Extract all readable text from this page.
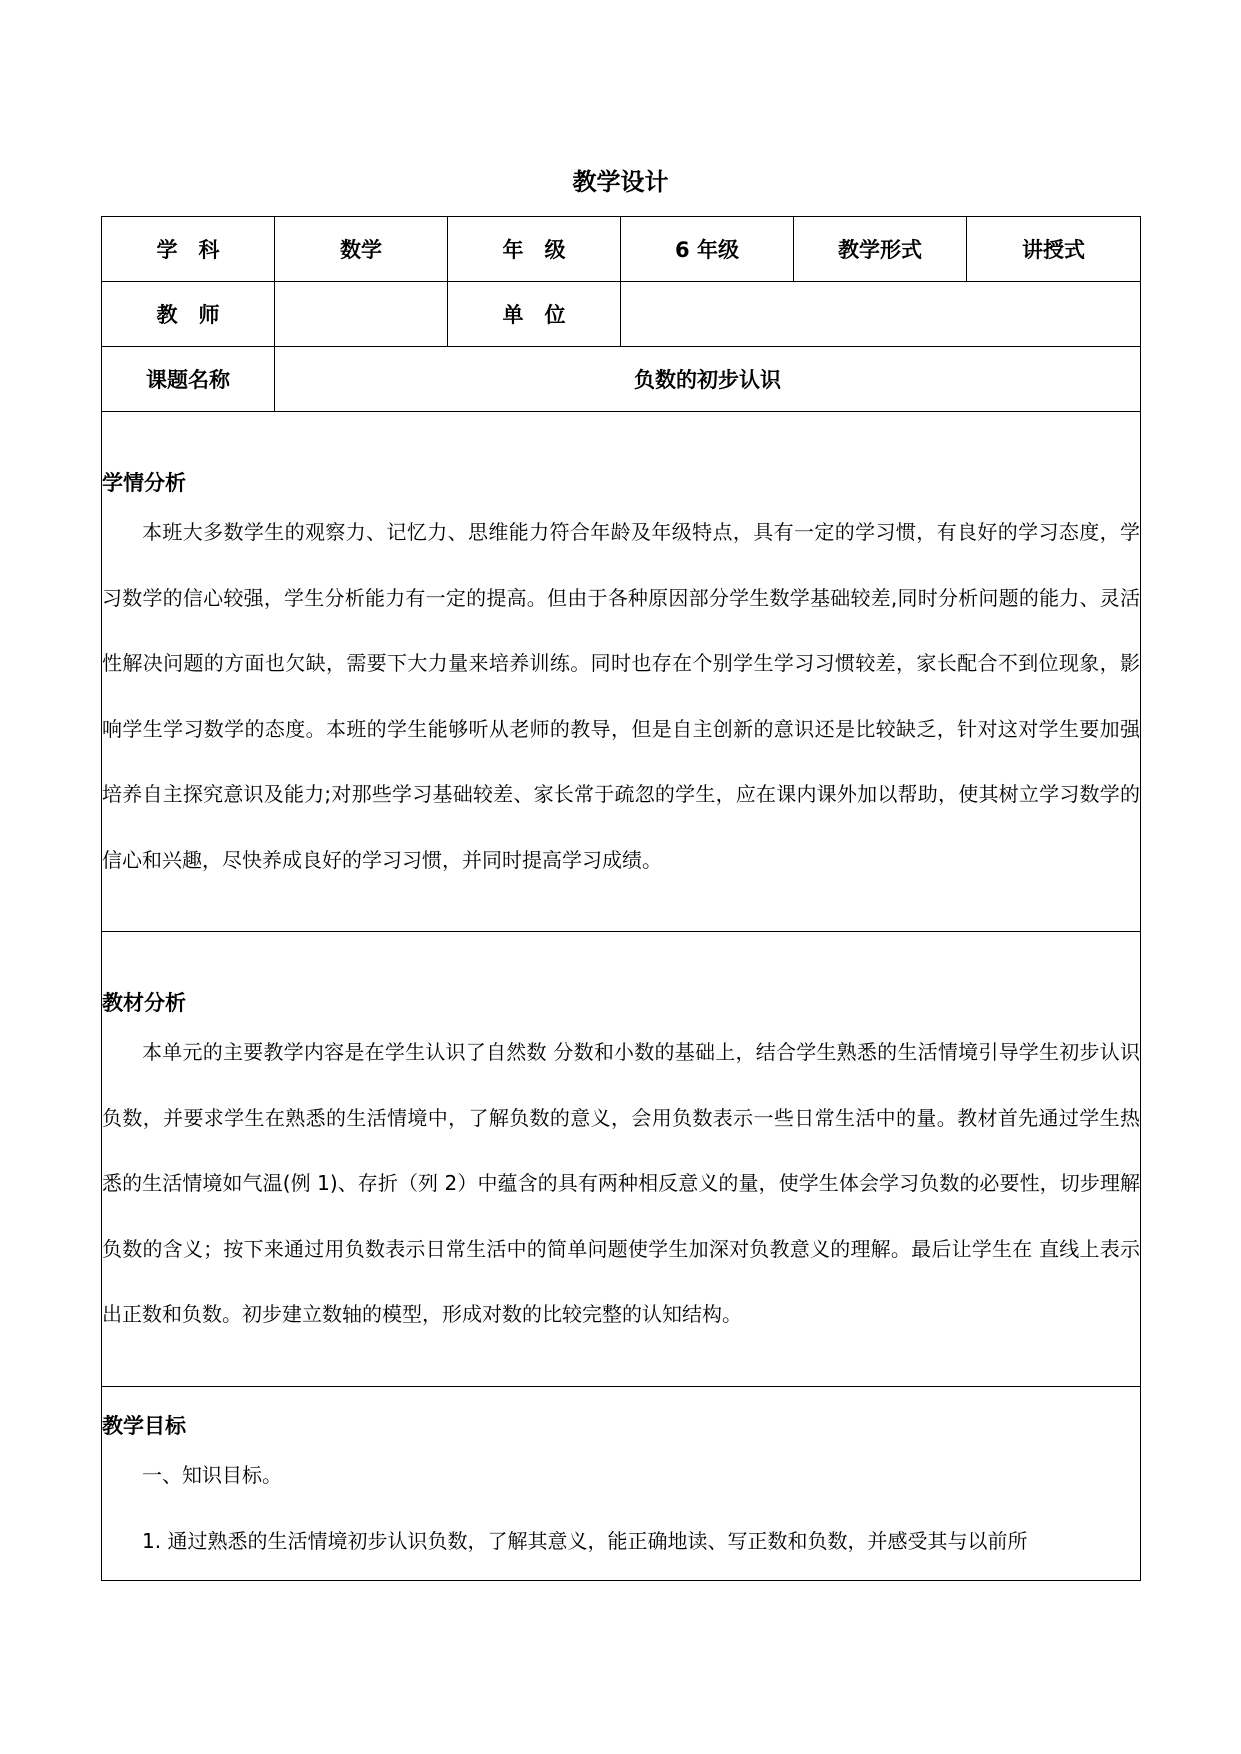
教学设计
学　科	数学	年　级	6 年级	教学形式	讲授式
教　师		单　位			
课题名称	负数的初步认识				

学情分析
本班大多数学生的观察力、记忆力、思维能力符合年龄及年级特点，具有一定的学习惯，有良好的学习态度，学习数学的信心较强，学生分析能力有一定的提高。但由于各种原因部分学生数学基础较差,同时分析问题的能力、灵活性解决问题的方面也欠缺，需要下大力量来培养训练。同时也存在个别学生学习习惯较差，家长配合不到位现象，影响学生学习数学的态度。本班的学生能够听从老师的教导，但是自主创新的意识还是比较缺乏，针对这对学生要加强培养自主探究意识及能力;对那些学习基础较差、家长常于疏忽的学生，应在课内课外加以帮助，使其树立学习数学的信心和兴趣，尽快养成良好的学习习惯，并同时提高学习成绩。					

教材分析
本单元的主要教学内容是在学生认识了自然数 分数和小数的基础上，结合学生熟悉的生活情境引导学生初步认识负数，并要求学生在熟悉的生活情境中，了解负数的意义，会用负数表示一些日常生活中的量。教材首先通过学生热悉的生活情境如气温(例 1)、存折（列 2）中蕴含的具有两种相反意义的量，使学生体会学习负数的必要性，切步理解负数的含义；按下来通过用负数表示日常生活中的简单问题使学生加深对负教意义的理解。最后让学生在 直线上表示出正数和负数。初步建立数轴的模型，形成对数的比较完整的认知结构。					

教学目标
一、知识目标。
1. 通过熟悉的生活情境初步认识负数，了解其意义，能正确地读、写正数和负数，并感受其与以前所					
